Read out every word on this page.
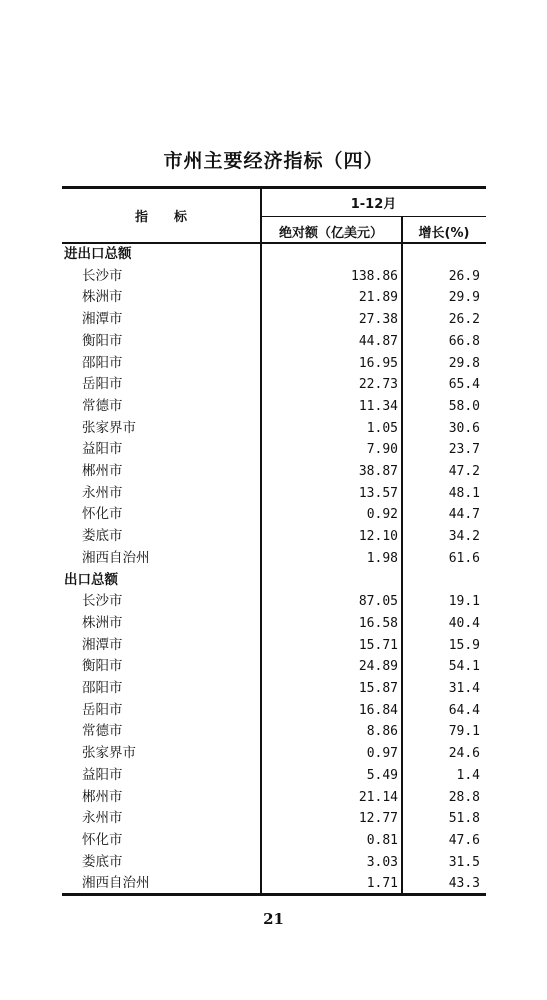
市州主要经济指标（四）
指　　标
1-12月
绝对额（亿美元）	增长(%)
进出口总额
长沙市	138.86	26.9
株洲市	21.89	29.9
湘潭市	27.38	26.2
衡阳市	44.87	66.8
邵阳市	16.95	29.8
岳阳市	22.73	65.4
常德市	11.34	58.0
张家界市	1.05	30.6
益阳市	7.90	23.7
郴州市	38.87	47.2
永州市	13.57	48.1
怀化市	0.92	44.7
娄底市	12.10	34.2
湘西自治州	1.98	61.6
出口总额
长沙市	87.05	19.1
株洲市	16.58	40.4
湘潭市	15.71	15.9
衡阳市	24.89	54.1
邵阳市	15.87	31.4
岳阳市	16.84	64.4
常德市	8.86	79.1
张家界市	0.97	24.6
益阳市	5.49	1.4
郴州市	21.14	28.8
永州市	12.77	51.8
怀化市	0.81	47.6
娄底市	3.03	31.5
湘西自治州	1.71	43.3
21
